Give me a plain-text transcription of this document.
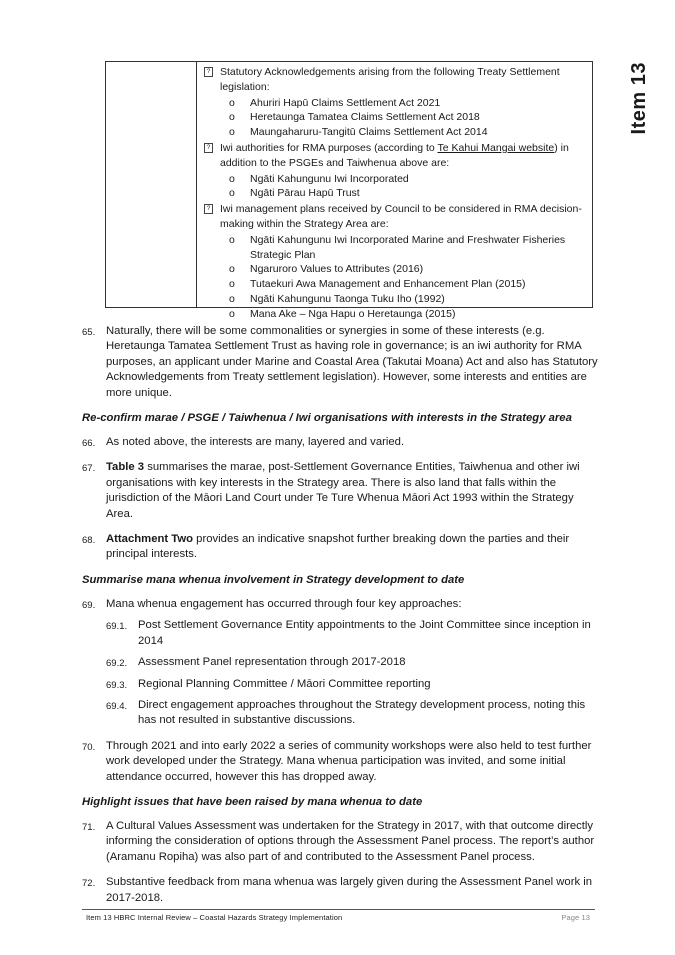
Item 13
? Statutory Acknowledgements arising from the following Treaty Settlement legislation:
o Ahuriri Hapū Claims Settlement Act 2021
o Heretaunga Tamatea Claims Settlement Act 2018
o Maungaharuru-Tangitū Claims Settlement Act 2014
? Iwi authorities for RMA purposes (according to Te Kahui Mangai website) in addition to the PSGEs and Taiwhenua above are:
o Ngāti Kahungunu Iwi Incorporated
o Ngāti Pārau Hapū Trust
? Iwi management plans received by Council to be considered in RMA decision-making within the Strategy Area are:
o Ngāti Kahungunu Iwi Incorporated Marine and Freshwater Fisheries Strategic Plan
o Ngaruroro Values to Attributes (2016)
o Tutaekuri Awa Management and Enhancement Plan (2015)
o Ngāti Kahungunu Taonga Tuku Iho (1992)
o Mana Ake – Nga Hapu o Heretaunga (2015)
65. Naturally, there will be some commonalities or synergies in some of these interests (e.g. Heretaunga Tamatea Settlement Trust as having role in governance; is an iwi authority for RMA purposes, an applicant under Marine and Coastal Area (Takutai Moana) Act and also has Statutory Acknowledgements from Treaty settlement legislation). However, some interests and entities are more unique.
Re-confirm marae / PSGE / Taiwhenua / Iwi organisations with interests in the Strategy area
66. As noted above, the interests are many, layered and varied.
67. Table 3 summarises the marae, post-Settlement Governance Entities, Taiwhenua and other iwi organisations with key interests in the Strategy area. There is also land that falls within the jurisdiction of the Māori Land Court under Te Ture Whenua Māori Act 1993 within the Strategy Area.
68. Attachment Two provides an indicative snapshot further breaking down the parties and their principal interests.
Summarise mana whenua involvement in Strategy development to date
69. Mana whenua engagement has occurred through four key approaches:
69.1. Post Settlement Governance Entity appointments to the Joint Committee since inception in 2014
69.2. Assessment Panel representation through 2017-2018
69.3. Regional Planning Committee / Māori Committee reporting
69.4. Direct engagement approaches throughout the Strategy development process, noting this has not resulted in substantive discussions.
70. Through 2021 and into early 2022 a series of community workshops were also held to test further work developed under the Strategy. Mana whenua participation was invited, and some initial attendance occurred, however this has dropped away.
Highlight issues that have been raised by mana whenua to date
71. A Cultural Values Assessment was undertaken for the Strategy in 2017, with that outcome directly informing the consideration of options through the Assessment Panel process. The report’s author (Aramanu Ropiha) was also part of and contributed to the Assessment Panel process.
72. Substantive feedback from mana whenua was largely given during the Assessment Panel work in 2017-2018.
Item 13 HBRC Internal Review – Coastal Hazards Strategy Implementation	Page 13
